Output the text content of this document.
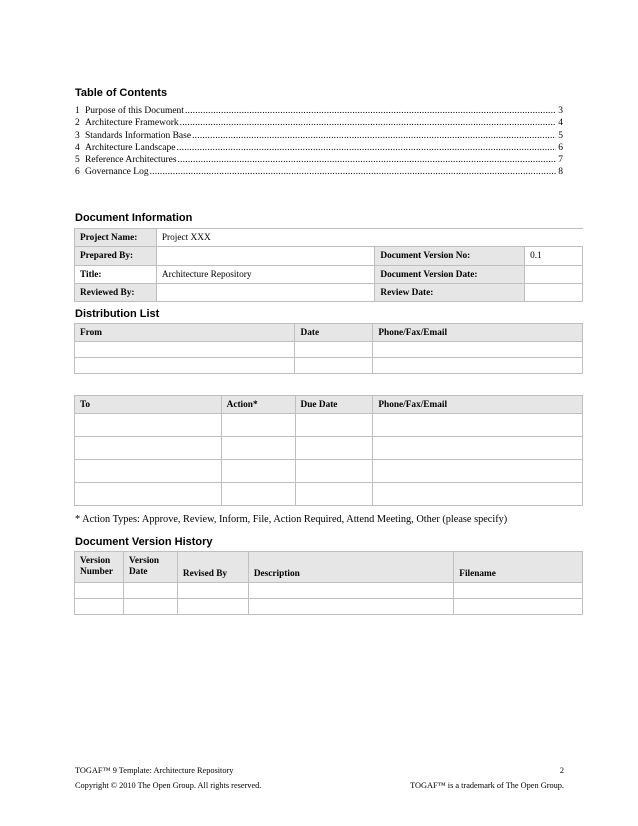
Table of Contents
1 Purpose of this Document .....	3
2 Architecture Framework .....	4
3 Standards Information Base .....	5
4 Architecture Landscape .....	6
5 Reference Architectures .....	7
6 Governance Log .....	8
Document Information
Project Name:	Project XXX		
Prepared By:		Document Version No:	0.1
Title:	Architecture Repository	Document Version Date:	
Reviewed By:		Review Date:	
Distribution List
From	Date	Phone/Fax/Email

To	Action*	Due Date	Phone/Fax/Email

* Action Types: Approve, Review, Inform, File, Action Required, Attend Meeting, Other (please specify)
Document Version History
Version Number	Version Date	Revised By	Description	Filename

TOGAF™ 9 Template: Architecture Repository	2
Copyright © 2010 The Open Group. All rights reserved.	TOGAF™ is a trademark of The Open Group.
